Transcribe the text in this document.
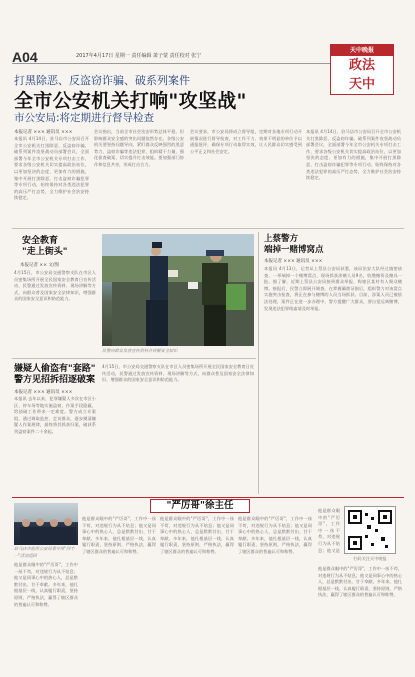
A04	2017年4月17日 星期一 责任编辑 萧子蒙 责任校对 张宁
天中晚报
政法
天中
打黑除恶、反盗窃诈骗、破系列案件
全市公安机关打响"攻坚战"
市公安局:将定期进行督导检查
本报记者 ××× 通讯员 ×××
本报讯 4月14日，驻马店市公安局召开全市公安机关打黑除恶、反盗窃诈骗、破系列案件攻坚战动员部署会议，全面部署今年全市公安机关专项打击工作，要求各级公安机关切实提高政治站位，以更加坚决的态度、更加有力的措施，集中开展打黑除恶、打击盗窃诈骗犯罪等专项行动，始终保持对各类违法犯罪的高压严打态势，全力维护社会治安持续稳定。
会议指出，当前全市社会治安形势总体平稳，但影响群众安全感的突出问题依然存在。各级公安机关要坚持问题导向，紧盯群众反映强烈的黑恶势力、盗窃诈骗等违法犯罪，组织精干力量，强化侦查破案，切实提升打击效能。要加强部门协作和信息共享，形成打击合力。
会议要求，市公安局将成立督导组，定期对各地专项行动开展情况进行督导检查，对工作不力、效果不明显的单位予以通报批评，确保专项行动取得实效，让人民群众切实感受到公平正义和社会安定。
本报讯 4月14日，驻马店市公安局召开全市公安机关打黑除恶、反盗窃诈骗、破系列案件攻坚战动员部署会议，全面部署今年全市公安机关专项打击工作，要求各级公安机关切实提高政治站位，以更加坚决的态度、更加有力的措施，集中开展打黑除恶、打击盗窃诈骗犯罪等专项行动，始终保持对各类违法犯罪的高压严打态势，全力维护社会治安持续稳定。
安全教育
"走上街头"
本报记者 ×× 文/图
4月15日，市公安局交通警察支队在市区人员密集场所开展全民国家安全教育日宣传活动，民警通过发放宣传资料、现场讲解等方式，向群众普及国家安全法律知识，增强群众的国家安全意识和防范能力。
民警向群众发放宣传资料并讲解安全知识
上蔡警方
端掉一赌博窝点
本报记者 ××× 通讯员 ×××
本报讯 4月13日，记者从上蔡县公安局获悉，该局治安大队经过缜密侦查，一举端掉一个赌博窝点，现场抓获涉赌人员9名，收缴赌资及赌具一批。据了解，近期上蔡县公安局接到群众举报，称辖区某村有人聚众赌博。接报后，民警立即展开调查，在掌握确凿证据后，组织警力对该窝点实施突击检查，将正在参与赌博的人员当场抓获。目前，涉案人员已被依法处理，案件正在进一步办理中。警方提醒广大群众，要自觉远离赌博，发现违法犯罪线索请及时举报。
嫌疑人偷盗有"套路"
警方见招拆招逐破案
本报记者 ××× 通讯员 ×××
本报讯 去年以来，犯罪嫌疑人多次在市区小区、停车场等地实施盗窃，作案手段隐蔽，给侦破工作带来一定难度。警方成立专案组，通过调取监控、走访群众，逐步摸清嫌疑人作案规律，最终将其抓获归案，破获系列盗窃案件二十余起。
4月15日，市公安局交通警察支队在市区人员密集场所开展全民国家安全教育日宣传活动，民警通过发放宣传资料、现场讲解等方式，向群众普及国家安全法律知识，增强群众的国家安全意识和防范能力。
"严厉哥"徐主任
驻马店市监所公安局看守所"四个一"活动巡回
他是群众眼中的"严厉哥"，工作中一丝不苟，对违规行为从不姑息；他又是同事心中的热心人，总是默默付出、甘于奉献。多年来，他扎根基层一线，认真履行职责，坚持原则，严格执法，赢得了辖区群众的普遍认可和称赞。
他是群众眼中的"严厉哥"，工作中一丝不苟，对违规行为从不姑息；他又是同事心中的热心人，总是默默付出、甘于奉献。多年来，他扎根基层一线，认真履行职责，坚持原则，严格执法，赢得了辖区群众的普遍认可和称赞。
他是群众眼中的"严厉哥"，工作中一丝不苟，对违规行为从不姑息；他又是同事心中的热心人，总是默默付出、甘于奉献。多年来，他扎根基层一线，认真履行职责，坚持原则，严格执法，赢得了辖区群众的普遍认可和称赞。
他是群众眼中的"严厉哥"，工作中一丝不苟，对违规行为从不姑息；他又是同事心中的热心人，总是默默付出、甘于奉献。多年来，他扎根基层一线，认真履行职责，坚持原则，严格执法，赢得了辖区群众的普遍认可和称赞。
他是群众眼中的"严厉哥"，工作中一丝不苟，对违规行为从不姑息；他又是
扫码关注天中晚报
他是群众眼中的"严厉哥"，工作中一丝不苟，对违规行为从不姑息；他又是同事心中的热心人，总是默默付出、甘于奉献。多年来，他扎根基层一线，认真履行职责，坚持原则，严格执法，赢得了辖区群众的普遍认可和称赞。
